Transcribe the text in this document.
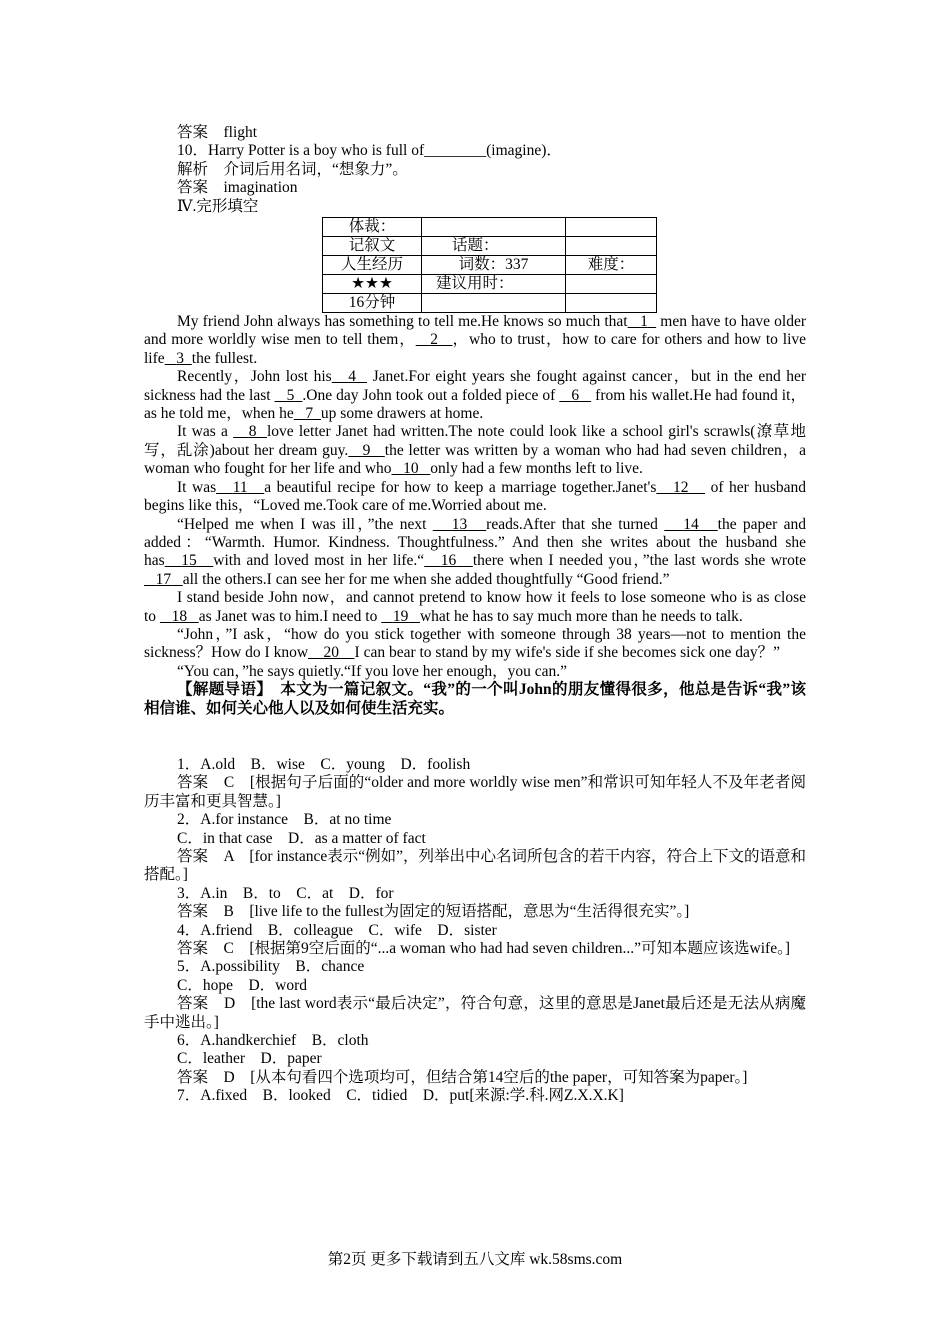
答案　flight
10．Harry Potter is a boy who is full of________(imagine)．
解析　介词后用名词，“想象力”。
答案　imagination
Ⅳ.完形填空
体裁：		
记叙文	话题：	
人生经历	词数：337	难度：
★★★	建议用时：	
16分钟		

My friend John always has something to tell me.He knows so much that 1   men have to have older and more worldly wise men to tell them， 2 ，who to trust，how to care for others and how to live life 3 the fullest.

Recently，John lost his 4   Janet.For eight years she fought against cancer，but in the end her sickness had the last    5 .One day John took out a folded piece of    6    from his wallet.He had found it，as he told me，when he 7 up some drawers at home.

It was a    8 love letter Janet had written.The note could look like a school girl's scrawls(潦草地写，乱涂)about her dream guy. 9 the letter was written by a woman who had had seven children，a woman who fought for her life and who 10 only had a few months left to live.

It was 11 a beautiful recipe for how to keep a marriage together.Janet's 12    of her husband begins like this，“Loved me.Took care of me.Worried about me.

“Helped me when I was ill，”the next    13 reads.After that she turned    14 the paper and added：“Warmth. Humor. Kindness. Thoughtfulness.” And then she writes about the husband she has 15 with and loved most in her life.“ 16 there when I needed you，”the last words she wrote    17 all the others.I can see her for me when she added thoughtfully “Good friend.”

I stand beside John now，and cannot pretend to know how it feels to lose someone who is as close to    18 as Janet was to him.I need to    19 what he has to say much more than he needs to talk.

“John，”I ask，“how do you stick together with someone through 38 years—not to mention the sickness？How do I know 20 I can bear to stand by my wife's side if she becomes sick one day？”

“You can，”he says quietly.“If you love her enough，you can.”

【解题导语】　本文为一篇记叙文。“我”的一个叫John的朋友懂得很多，他总是告诉“我”该相信谁、如何关心他人以及如何使生活充实。

1．A.old　B．wise　C．young　D．foolish

答案　C　[根据句子后面的“older and more worldly wise men”和常识可知年轻人不及年老者阅历丰富和更具智慧。]

2．A.for instance　B．at no time
C．in that case　D．as a matter of fact

答案　A　[for instance表示“例如”，列举出中心名词所包含的若干内容，符合上下文的语意和搭配。]

3．A.in　B．to　C．at　D．for

答案　B　[live life to the fullest为固定的短语搭配，意思为“生活得很充实”。]

4．A.friend　B．colleague　C．wife　D．sister

答案　C　[根据第9空后面的“...a woman who had had seven children...”可知本题应该选wife。]

5．A.possibility　B．chance
C．hope　D．word

答案　D　[the last word表示“最后决定”，符合句意，这里的意思是Janet最后还是无法从病魔手中逃出。]

6．A.handkerchief　B．cloth
C．leather　D．paper

答案　D　[从本句看四个选项均可，但结合第14空后的the paper，可知答案为paper。]

7．A.fixed　B．looked　C．tidied　D．put[来源:学.科.网Z.X.X.K]
第2页 更多下载请到五八文库 wk.58sms.com
